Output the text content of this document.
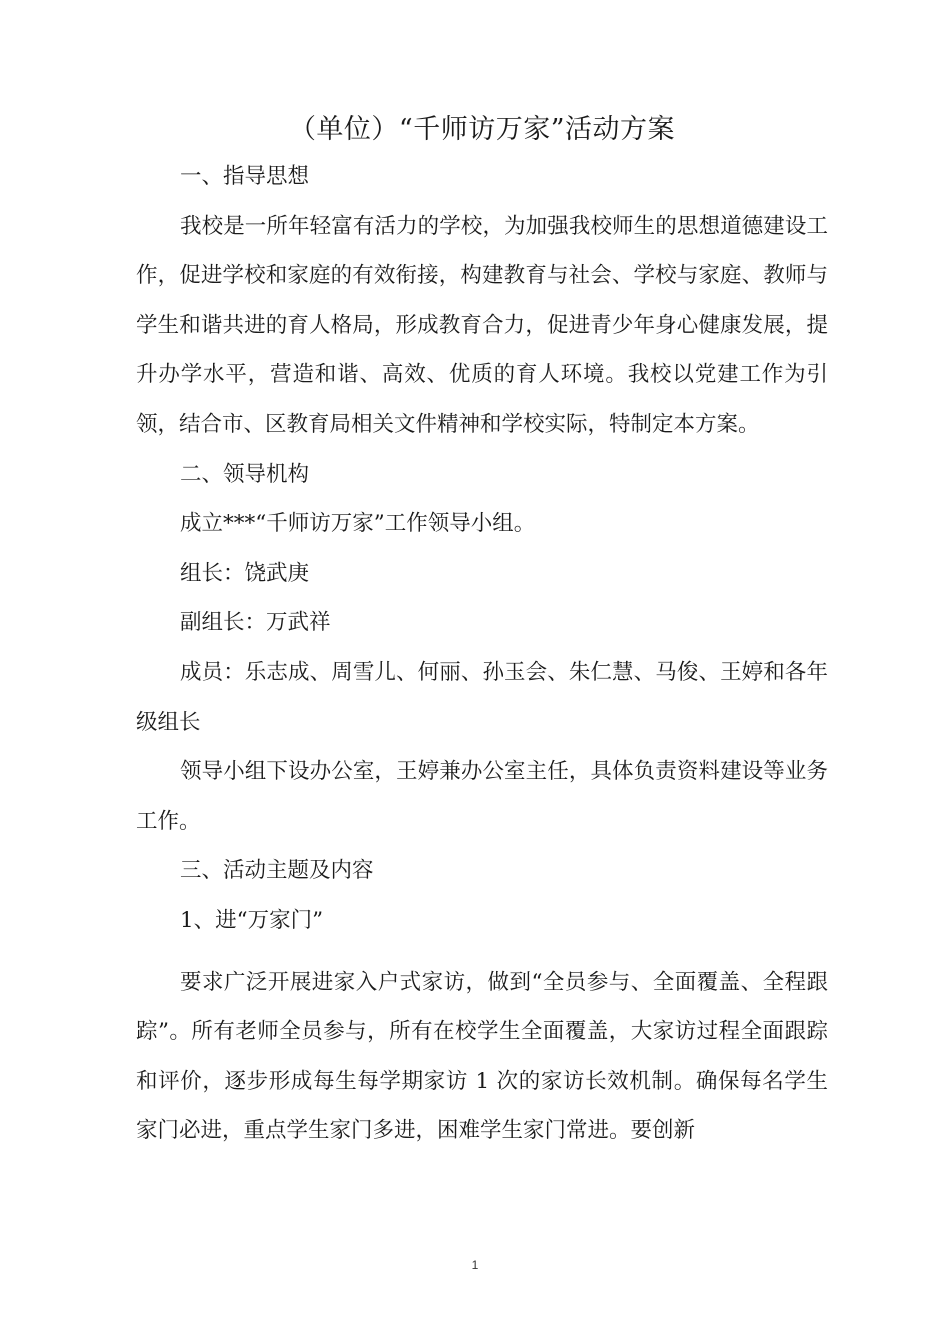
（单位）“千师访万家”活动方案

一、指导思想

我校是一所年轻富有活力的学校，为加强我校师生的思想道德建设工作，促进学校和家庭的有效衔接，构建教育与社会、学校与家庭、教师与学生和谐共进的育人格局，形成教育合力，促进青少年身心健康发展，提升办学水平，营造和谐、高效、优质的育人环境。我校以党建工作为引领，结合市、区教育局相关文件精神和学校实际，特制定本方案。

二、领导机构

成立***“千师访万家”工作领导小组。

组长：饶武庚

副组长：万武祥

成员：乐志成、周雪儿、何丽、孙玉会、朱仁慧、马俊、王婷和各年级组长

领导小组下设办公室，王婷兼办公室主任，具体负责资料建设等业务工作。

三、活动主题及内容

1、进“万家门”

要求广泛开展进家入户式家访，做到“全员参与、全面覆盖、全程跟踪”。所有老师全员参与，所有在校学生全面覆盖，大家访过程全面跟踪和评价，逐步形成每生每学期家访 1 次的家访长效机制。确保每名学生家门必进，重点学生家门多进，困难学生家门常进。要创新

1
